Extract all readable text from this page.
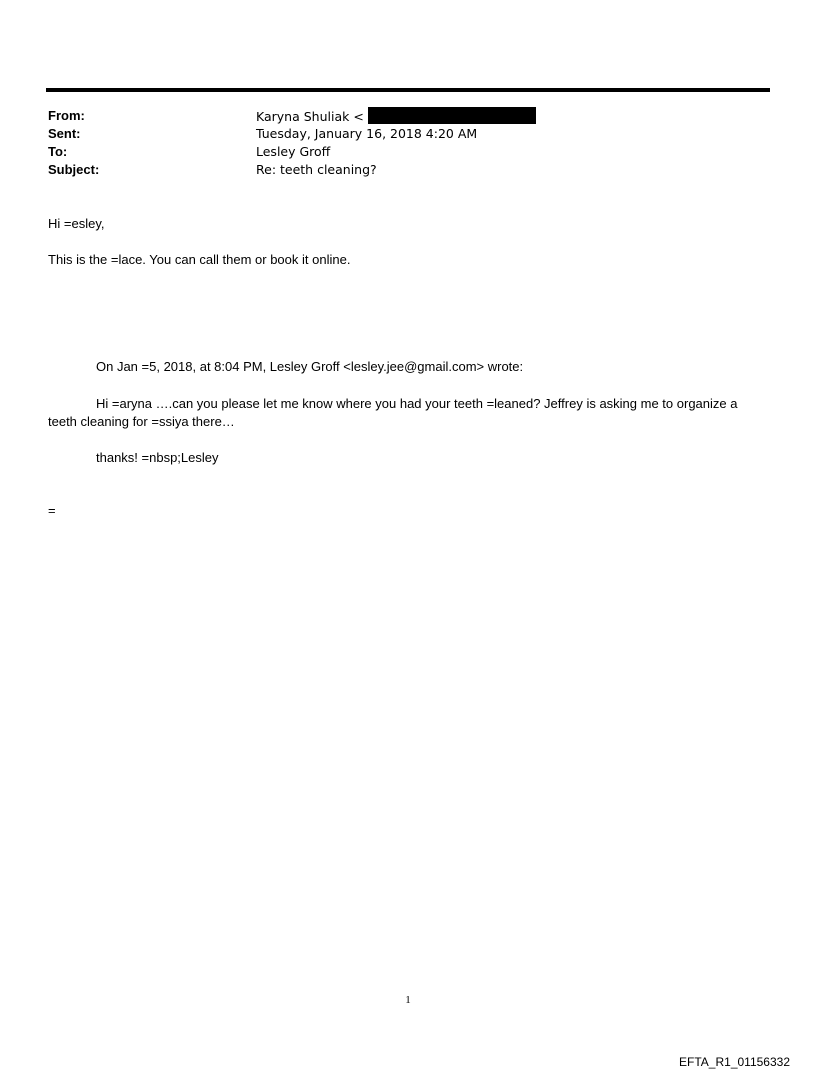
From:	Karyna Shuliak <
Sent:	Tuesday, January 16, 2018 4:20 AM
To:	Lesley Groff
Subject:	Re: teeth cleaning?
Hi =esley,
This is the =lace. You can call them or book it online.
On Jan =5, 2018, at 8:04 PM, Lesley Groff <lesley.jee@gmail.com> wrote:
Hi =aryna ….can you please let me know where you had your teeth =leaned? Jeffrey is asking me to organize a teeth cleaning for =ssiya there…
thanks! =nbsp;Lesley
=
1
EFTA_R1_01156332
